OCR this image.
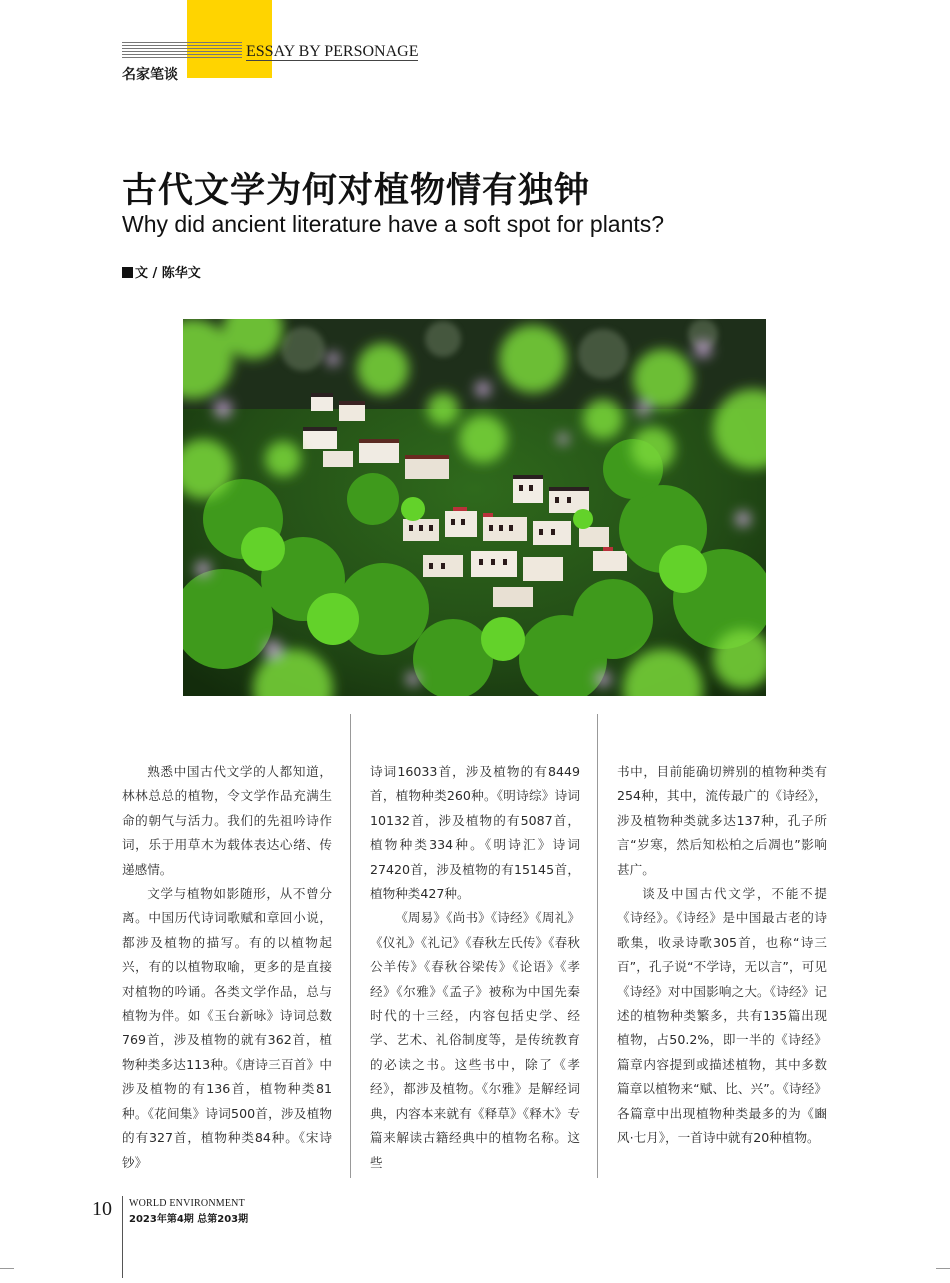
ESSAY BY PERSONAGE
名家笔谈
古代文学为何对植物情有独钟
Why did ancient literature have a soft spot for plants?
文 / 陈华文

熟悉中国古代文学的人都知道，林林总总的植物，令文学作品充满生命的朝气与活力。我们的先祖吟诗作词，乐于用草木为载体表达心绪、传递感情。

文学与植物如影随形，从不曾分离。中国历代诗词歌赋和章回小说，都涉及植物的描写。有的以植物起兴，有的以植物取喻，更多的是直接对植物的吟诵。各类文学作品，总与植物为伴。如《玉台新咏》诗词总数769首，涉及植物的就有362首，植物种类多达113种。《唐诗三百首》中涉及植物的有136首，植物种类81种。《花间集》诗词500首，涉及植物的有327首，植物种类84种。《宋诗钞》

诗词16033首，涉及植物的有8449首，植物种类260种。《明诗综》诗词10132首，涉及植物的有5087首，植物种类334种。《明诗汇》诗词27420首，涉及植物的有15145首，植物种类427种。

《周易》《尚书》《诗经》《周礼》《仪礼》《礼记》《春秋左氏传》《春秋公羊传》《春秋谷梁传》《论语》《孝经》《尔雅》《孟子》被称为中国先秦时代的十三经，内容包括史学、经学、艺术、礼俗制度等，是传统教育的必读之书。这些书中，除了《孝经》，都涉及植物。《尔雅》是解经词典，内容本来就有《释草》《释木》专篇来解读古籍经典中的植物名称。这些

书中，目前能确切辨别的植物种类有254种，其中，流传最广的《诗经》，涉及植物种类就多达137种，孔子所言“岁寒，然后知松柏之后凋也”影响甚广。

谈及中国古代文学，不能不提《诗经》。《诗经》是中国最古老的诗歌集，收录诗歌305首，也称“诗三百”，孔子说“不学诗，无以言”，可见《诗经》对中国影响之大。《诗经》记述的植物种类繁多，共有135篇出现植物，占50.2%，即一半的《诗经》篇章内容提到或描述植物，其中多数篇章以植物来“赋、比、兴”。《诗经》各篇章中出现植物种类最多的为《豳风·七月》，一首诗中就有20种植物。

10 WORLD ENVIRONMENT
2023年第4期 总第203期
